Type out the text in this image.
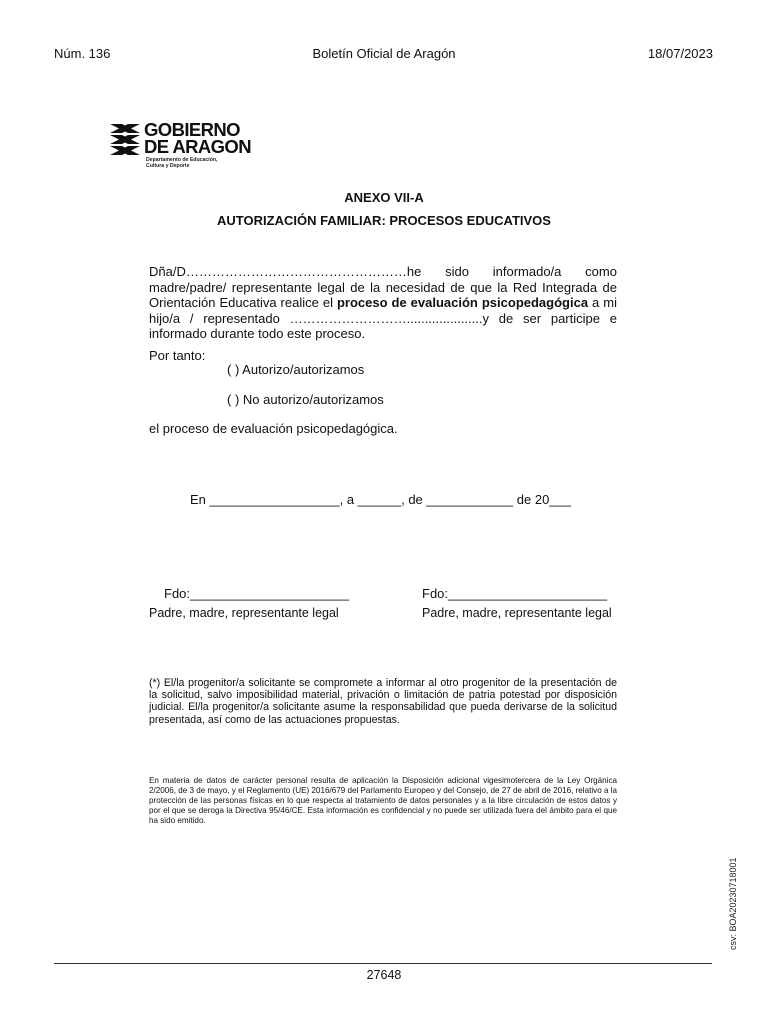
Núm. 136	Boletín Oficial de Aragón	18/07/2023
GOBIERNO
DE ARAGON
Departamento de Educación,
Cultura y Deporte
ANEXO VII-A
AUTORIZACIÓN FAMILIAR: PROCESOS EDUCATIVOS
Dña/D……………………………………………he sido informado/a como
madre/padre/ representante legal de la necesidad de que la Red Integrada de
Orientación Educativa realice el proceso de evaluación psicopedagógica a mi
hijo/a / representado ……………………….....................y de ser participe e
informado durante todo este proceso.
Por tanto:
( ) Autorizo/autorizamos
( ) No autorizo/autorizamos
el proceso de evaluación psicopedagógica.
En __________________, a ______, de ____________ de 20___
Fdo:______________________	Fdo:______________________
Padre, madre, representante legal	Padre, madre, representante legal
(*) El/la progenitor/a solicitante se compromete a informar al otro progenitor de la presentación de la solicitud, salvo imposibilidad material, privación o limitación de patria potestad por disposición judicial. El/la progenitor/a solicitante asume la responsabilidad que pueda derivarse de la solicitud presentada, así como de las actuaciones propuestas.
En materia de datos de carácter personal resulta de aplicación la Disposición adicional vigesimotercera de la Ley Orgánica 2/2006, de 3 de mayo, y el Reglamento (UE) 2016/679 del Parlamento Europeo y del Consejo, de 27 de abril de 2016, relativo a la protección de las personas físicas en lo que respecta al tratamiento de datos personales y a la libre circulación de estos datos y por el que se deroga la Directiva 95/46/CE. Esta información es confidencial y no puede ser utilizada fuera del ámbito para el que ha sido emitido.
csv: BOA20230718001
27648
